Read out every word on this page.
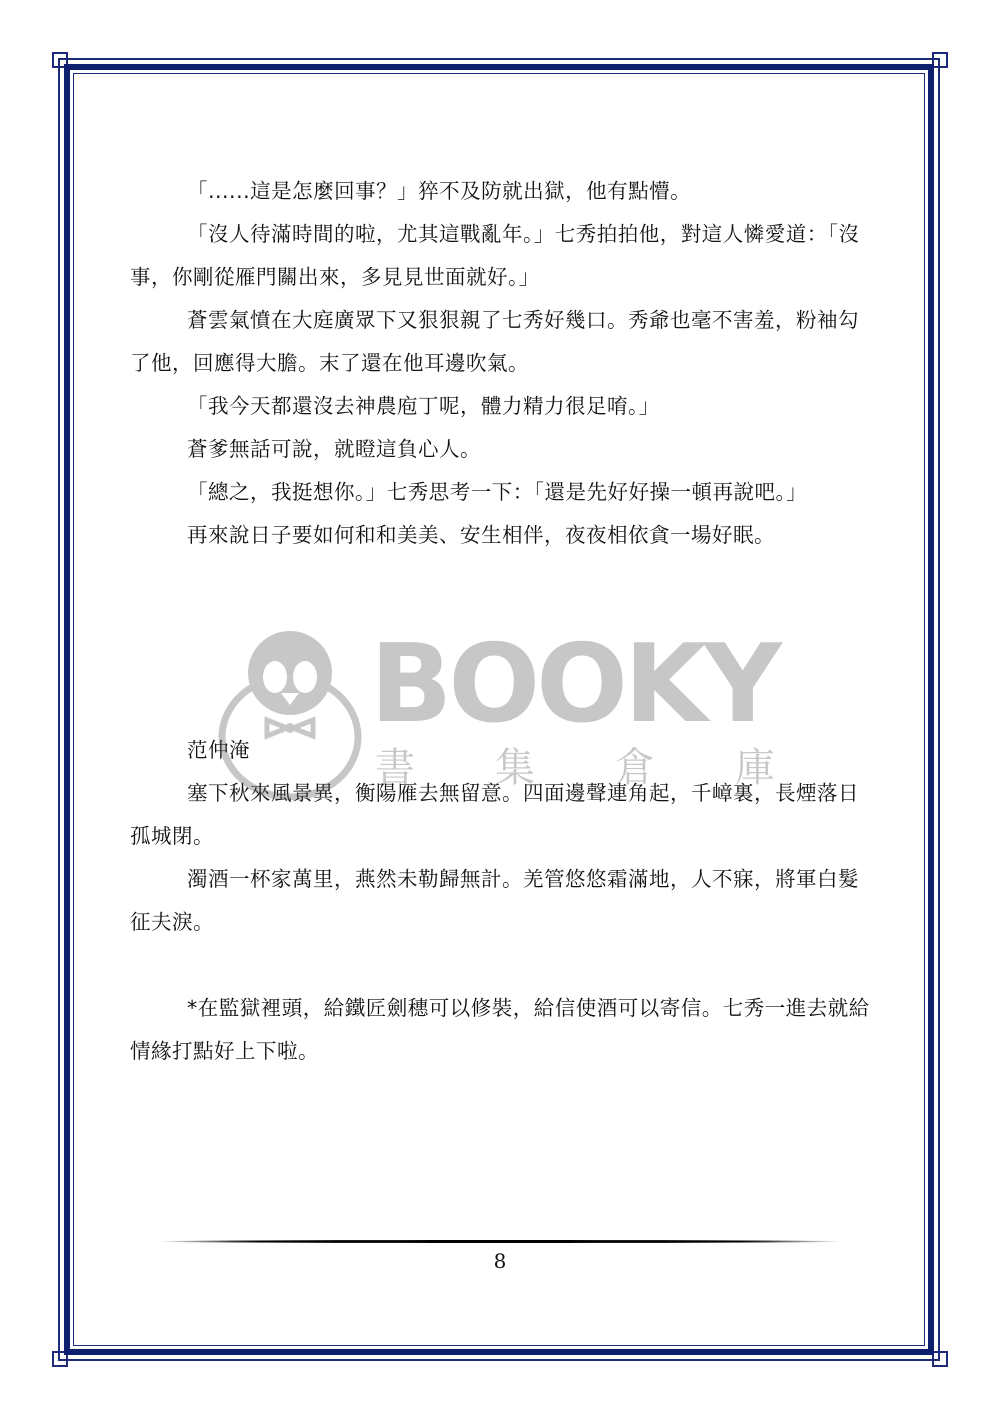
「......這是怎麼回事？」猝不及防就出獄，他有點懵。

「沒人待滿時間的啦，尤其這戰亂年。」七秀拍拍他，對這人憐愛道：「沒事，你剛從雁門關出來，多見見世面就好。」

蒼雲氣憤在大庭廣眾下又狠狠親了七秀好幾口。秀爺也毫不害羞，粉袖勾了他，回應得大膽。末了還在他耳邊吹氣。

「我今天都還沒去神農庖丁呢，體力精力很足唷。」

蒼爹無話可說，就瞪這負心人。

「總之，我挺想你。」七秀思考一下：「還是先好好操一頓再說吧。」

再來說日子要如何和和美美、安生相伴，夜夜相依貪一場好眠。

范仲淹

塞下秋來風景異，衡陽雁去無留意。四面邊聲連角起，千嶂裏，長煙落日孤城閉。

濁酒一杯家萬里，燕然未勒歸無計。羌管悠悠霜滿地，人不寐，將軍白髮征夫淚。

*在監獄裡頭，給鐵匠劍穗可以修裝，給信使酒可以寄信。七秀一進去就給情緣打點好上下啦。

BOOKY
書 集 倉 庫
8
